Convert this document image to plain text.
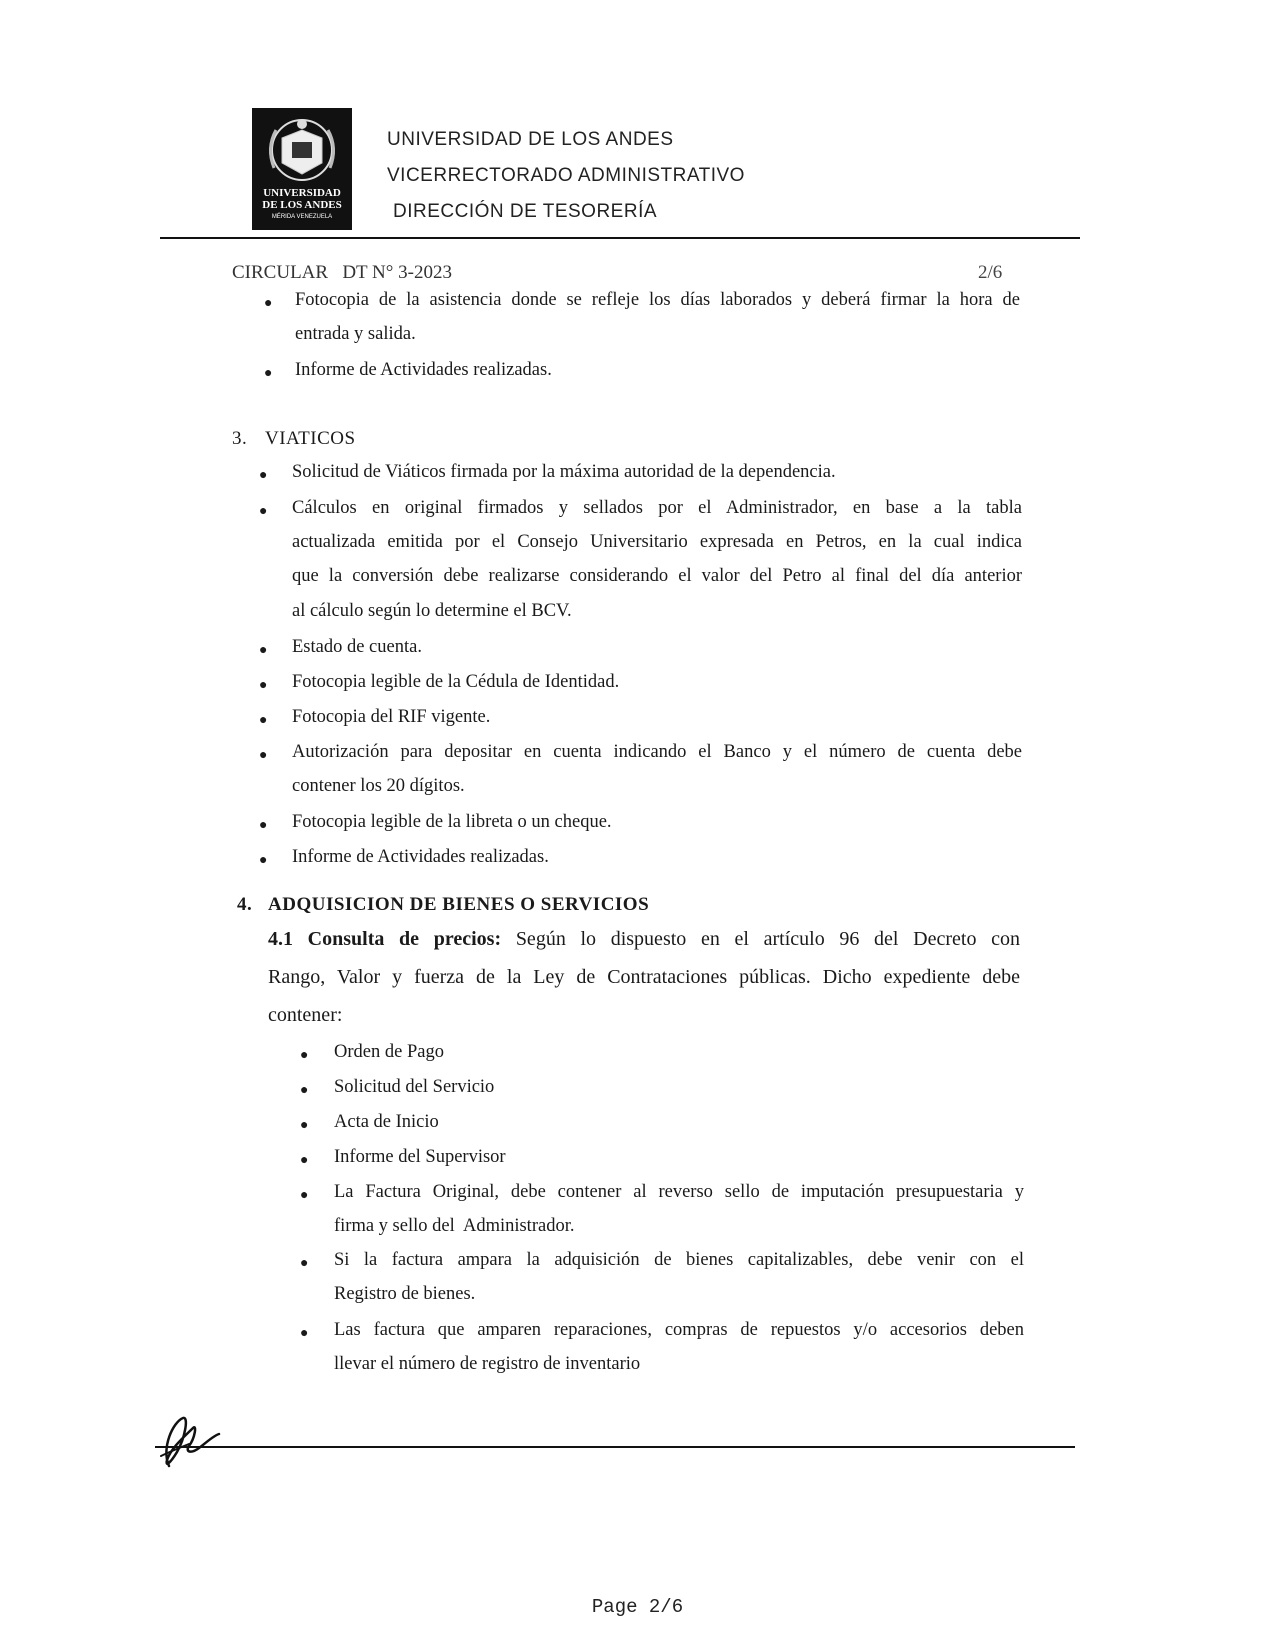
UNIVERSIDAD
DE LOS ANDES
MÉRIDA VENEZUELA
UNIVERSIDAD DE LOS ANDES
VICERRECTORADO ADMINISTRATIVO
DIRECCIÓN DE TESORERÍA
CIRCULAR   DT N° 3-2023	2/6
● Fotocopia de la asistencia donde se refleje los días laborados y deberá firmar la hora de
entrada y salida.
● Informe de Actividades realizadas.
3. VIATICOS
● Solicitud de Viáticos firmada por la máxima autoridad de la dependencia.
● Cálculos en original firmados y sellados por el Administrador, en base a la tabla
actualizada emitida por el Consejo Universitario expresada en Petros, en la cual indica
que la conversión debe realizarse considerando el valor del Petro al final del día anterior
al cálculo según lo determine el BCV.
● Estado de cuenta.
● Fotocopia legible de la Cédula de Identidad.
● Fotocopia del RIF vigente.
● Autorización para depositar en cuenta indicando el Banco y el número de cuenta debe
contener los 20 dígitos.
● Fotocopia legible de la libreta o un cheque.
● Informe de Actividades realizadas.
4. ADQUISICION DE BIENES O SERVICIOS
4.1 Consulta de precios: Según lo dispuesto en el artículo 96 del Decreto con
Rango, Valor y fuerza de la Ley de Contrataciones públicas. Dicho expediente debe
contener:
● Orden de Pago
● Solicitud del Servicio
● Acta de Inicio
● Informe del Supervisor
● La Factura Original, debe contener al reverso sello de imputación presupuestaria y
firma y sello del  Administrador.
● Si la factura ampara la adquisición de bienes capitalizables, debe venir con el
Registro de bienes.
● Las factura que amparen reparaciones, compras de repuestos y/o accesorios deben
llevar el número de registro de inventario
Page 2/6
